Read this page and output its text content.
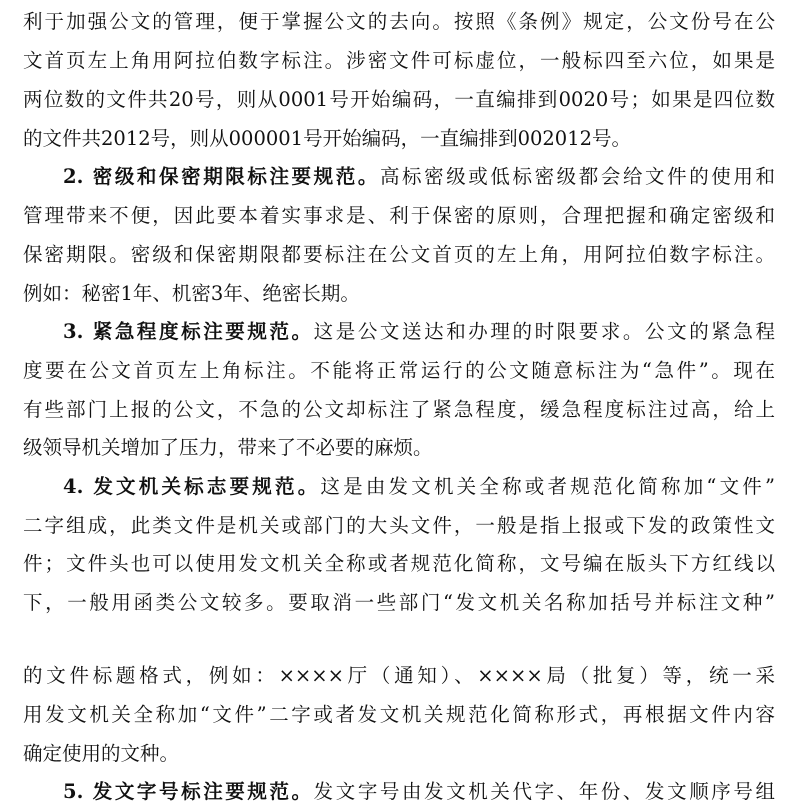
利于加强公文的管理，便于掌握公文的去向。按照《条例》规定，公文份号在公
文首页左上角用阿拉伯数字标注。涉密文件可标虚位，一般标四至六位，如果是
两位数的文件共20号，则从0001号开始编码，一直编排到0020号；如果是四位数
的文件共2012号，则从000001号开始编码，一直编排到002012号。
2. 密级和保密期限标注要规范。高标密级或低标密级都会给文件的使用和
管理带来不便，因此要本着实事求是、利于保密的原则，合理把握和确定密级和
保密期限。密级和保密期限都要标注在公文首页的左上角，用阿拉伯数字标注。
例如：秘密1年、机密3年、绝密长期。
3. 紧急程度标注要规范。这是公文送达和办理的时限要求。公文的紧急程
度要在公文首页左上角标注。不能将正常运行的公文随意标注为“急件”。现在
有些部门上报的公文，不急的公文却标注了紧急程度，缓急程度标注过高，给上
级领导机关增加了压力，带来了不必要的麻烦。
4. 发文机关标志要规范。这是由发文机关全称或者规范化简称加“文件”
二字组成，此类文件是机关或部门的大头文件，一般是指上报或下发的政策性文
件；文件头也可以使用发文机关全称或者规范化简称，文号编在版头下方红线以
下，一般用函类公文较多。要取消一些部门“发文机关名称加括号并标注文种”
的文件标题格式，例如：××××厅（通知）、××××局（批复）等，统一采
用发文机关全称加“文件”二字或者发文机关规范化简称形式，再根据文件内容
确定使用的文种。
5. 发文字号标注要规范。发文字号由发文机关代字、年份、发文顺序号组
